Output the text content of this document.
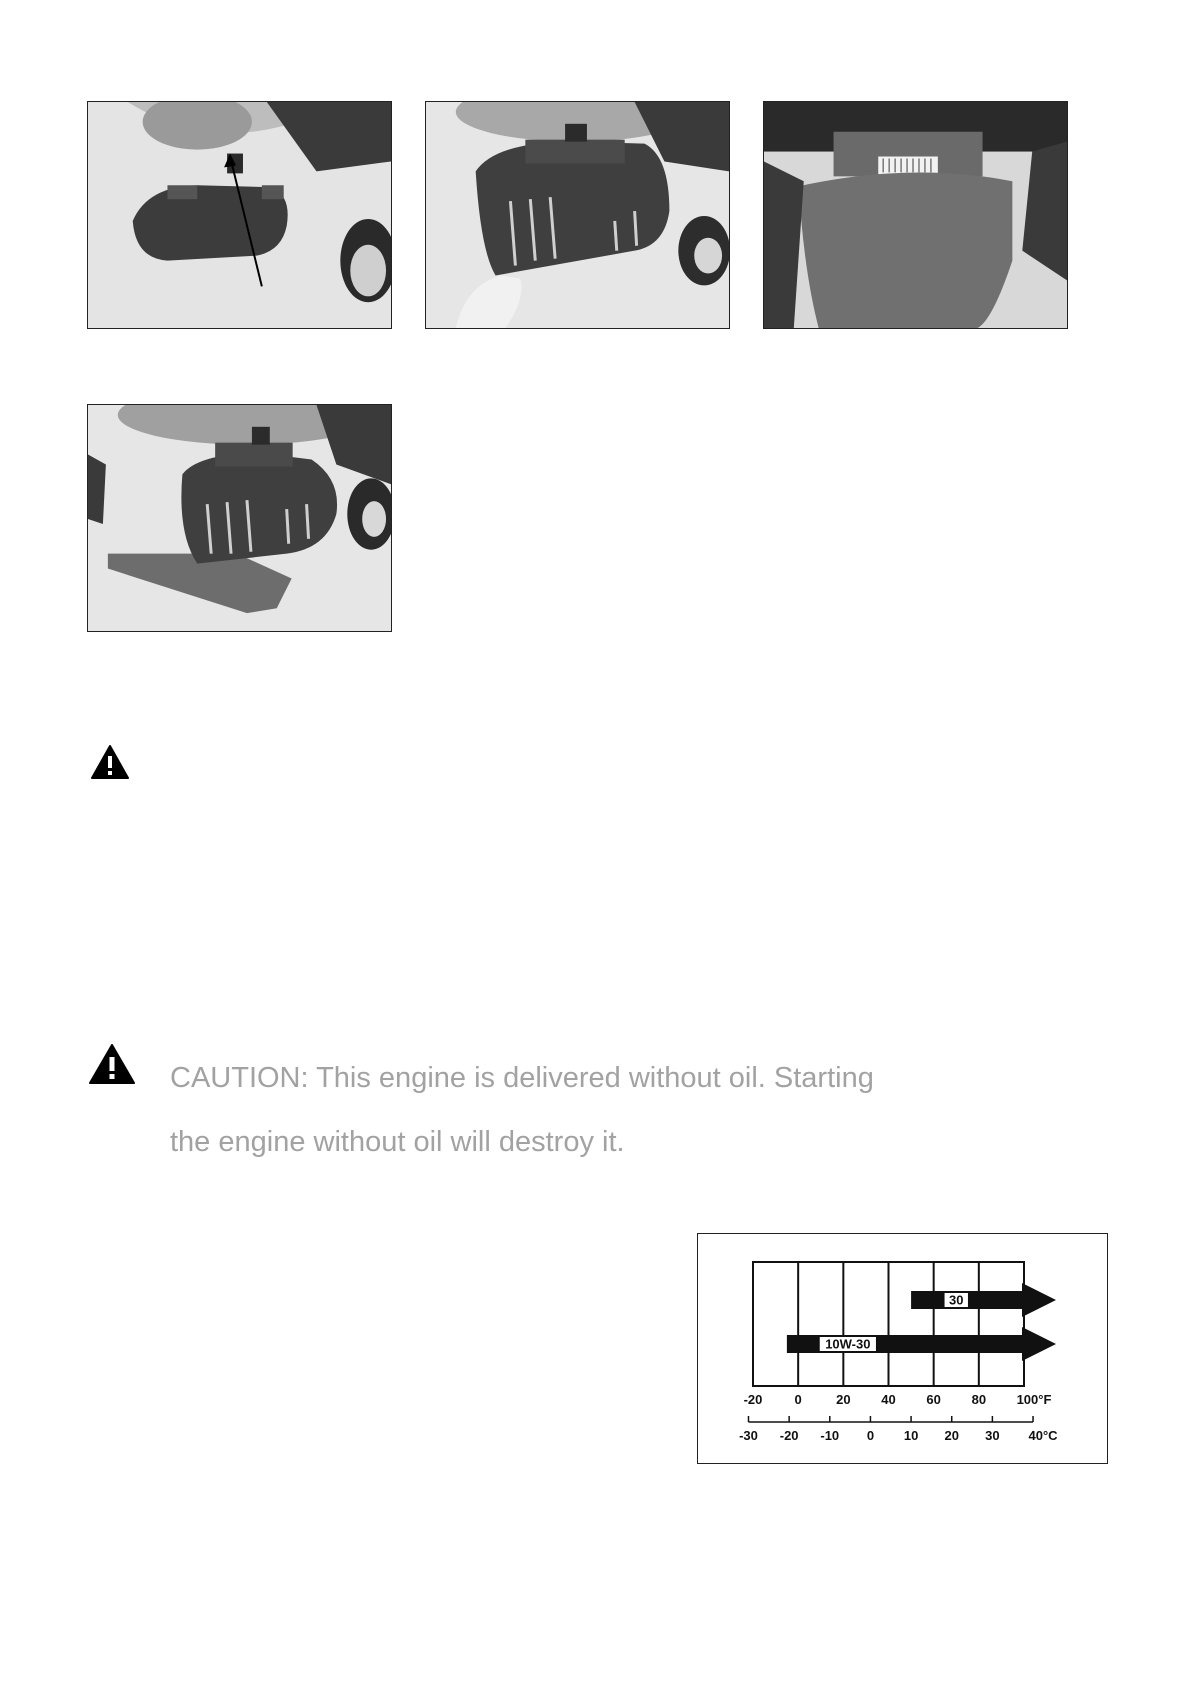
CAUTION: This engine is delivered without oil. Starting
the engine without oil will destroy it.
30
10W-30
-20 0	20 40 60 80 100°F
-30 -20 -10 0 10 20 30 40°C
